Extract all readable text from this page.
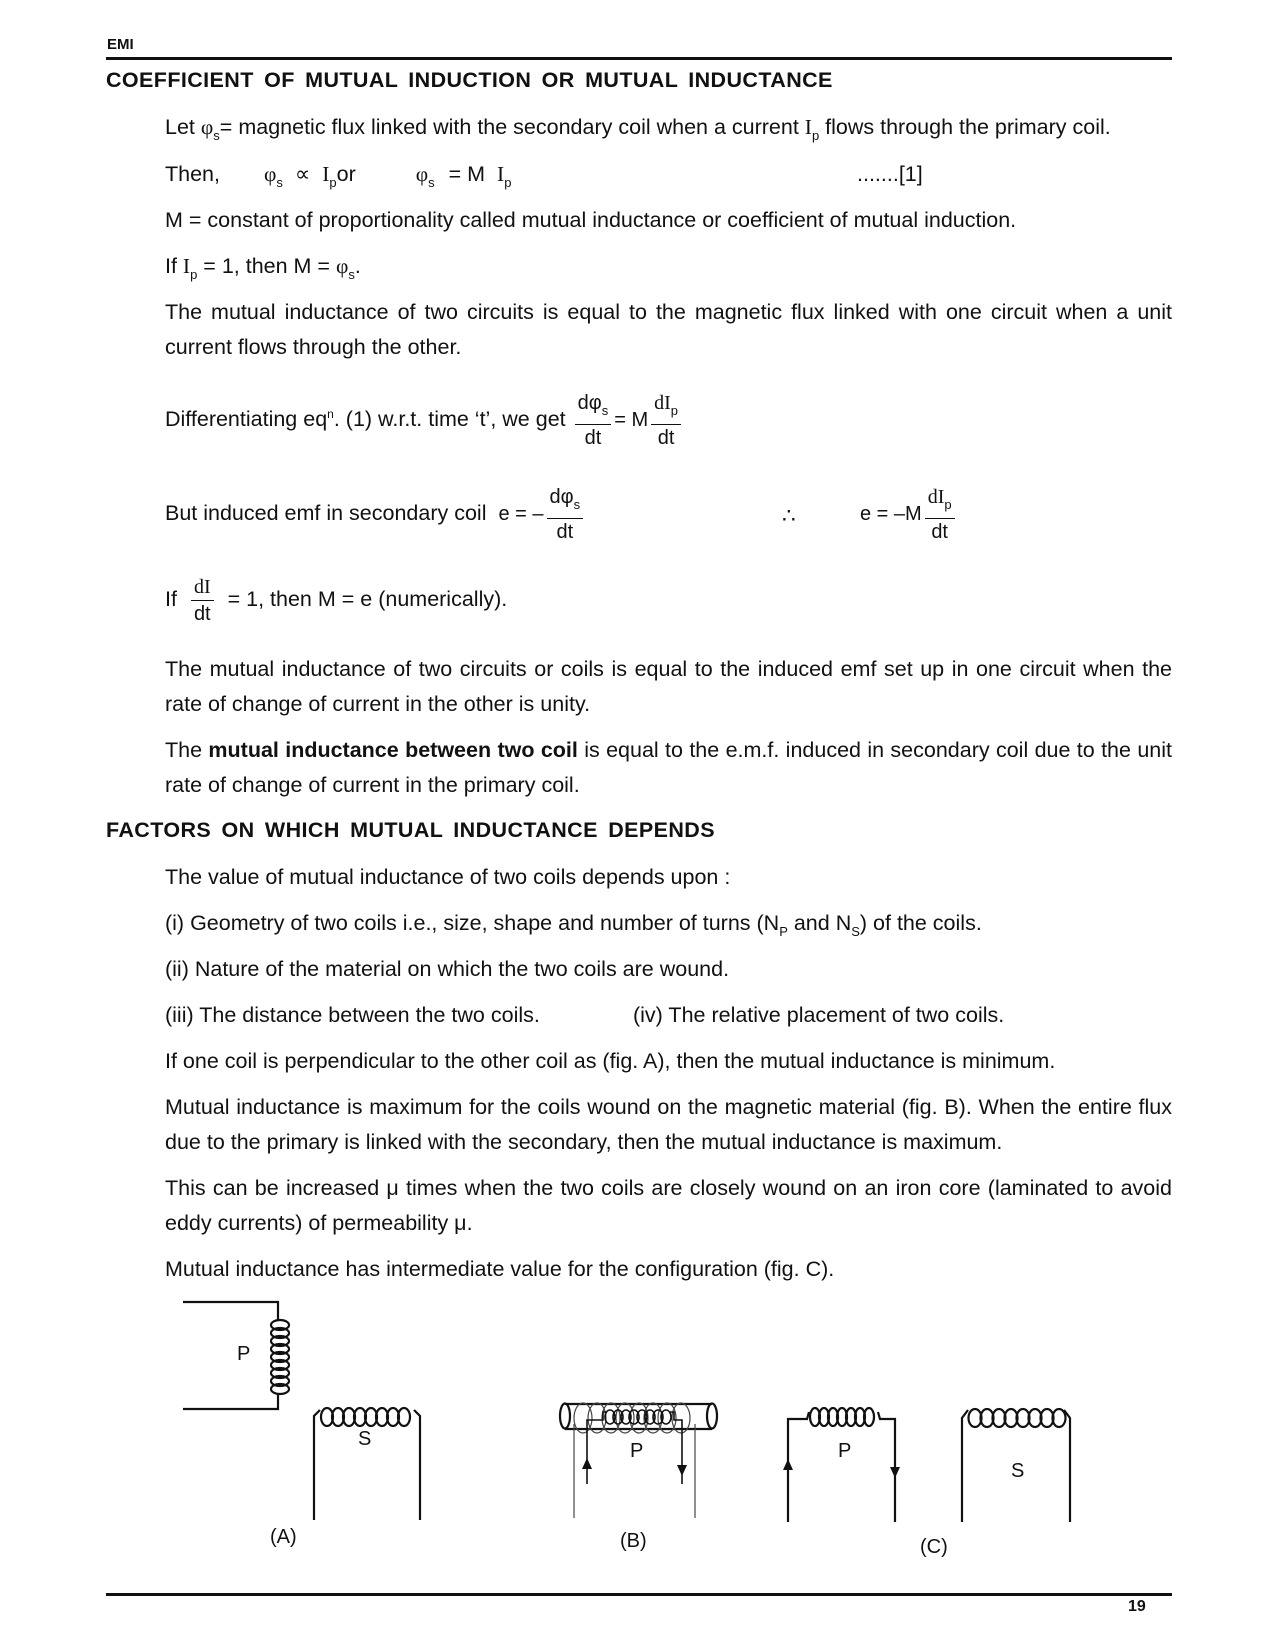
EMI
COEFFICIENT OF MUTUAL INDUCTION OR MUTUAL INDUCTANCE
Let $\varphi_s=$ magnetic flux linked with the secondary coil when a current $I_p$ flows through the primary coil.
Then, $\varphi_s \propto I_por$	$\varphi_s = M$ $I_p$	.......[1]
M = constant of proportionality called mutual inductance or coefficient of mutual induction.
If $I_p = 1$, then $M = \varphi_s$.
The mutual inductance of two circuits is equal to the magnetic flux linked with one circuit when a unit current flows through the other.
Differentiating $eq^n$. (1) w.r.t. time ‘t’, we get $\frac{d\varphi_s}{dt} = M \frac{dI_p}{dt}$
But induced emf in secondary coil e = – $\frac{d\varphi_s}{dt}$	∴	$e = -M \frac{dI_p}{dt}$
If $\frac{dI}{dt} = 1$, then M = e (numerically).
The mutual inductance of two circuits or coils is equal to the induced emf set up in one circuit when the rate of change of current in the other is unity.
The mutual inductance between two coil is equal to the e.m.f. induced in secondary coil due to the unit rate of change of current in the primary coil.
FACTORS ON WHICH MUTUAL INDUCTANCE DEPENDS
The value of mutual inductance of two coils depends upon :
(i) Geometry of two coils i.e., size, shape and number of turns ($N_P$ and $N_S$) of the coils.
(ii) Nature of the material on which the two coils are wound.
(iii) The distance between the two coils.	(iv) The relative placement of two coils.
If one coil is perpendicular to the other coil as (fig. A), then the mutual inductance is minimum.
Mutual inductance is maximum for the coils wound on the magnetic material (fig. B). When the entire flux due to the primary is linked with the secondary, then the mutual inductance is maximum.
This can be increased μ times when the two coils are closely wound on an iron core (laminated to avoid eddy currents) of permeability μ.
Mutual inductance has intermediate value for the configuration (fig. C).
P
S
P	P
S
(A)	(B)	(C)
19
